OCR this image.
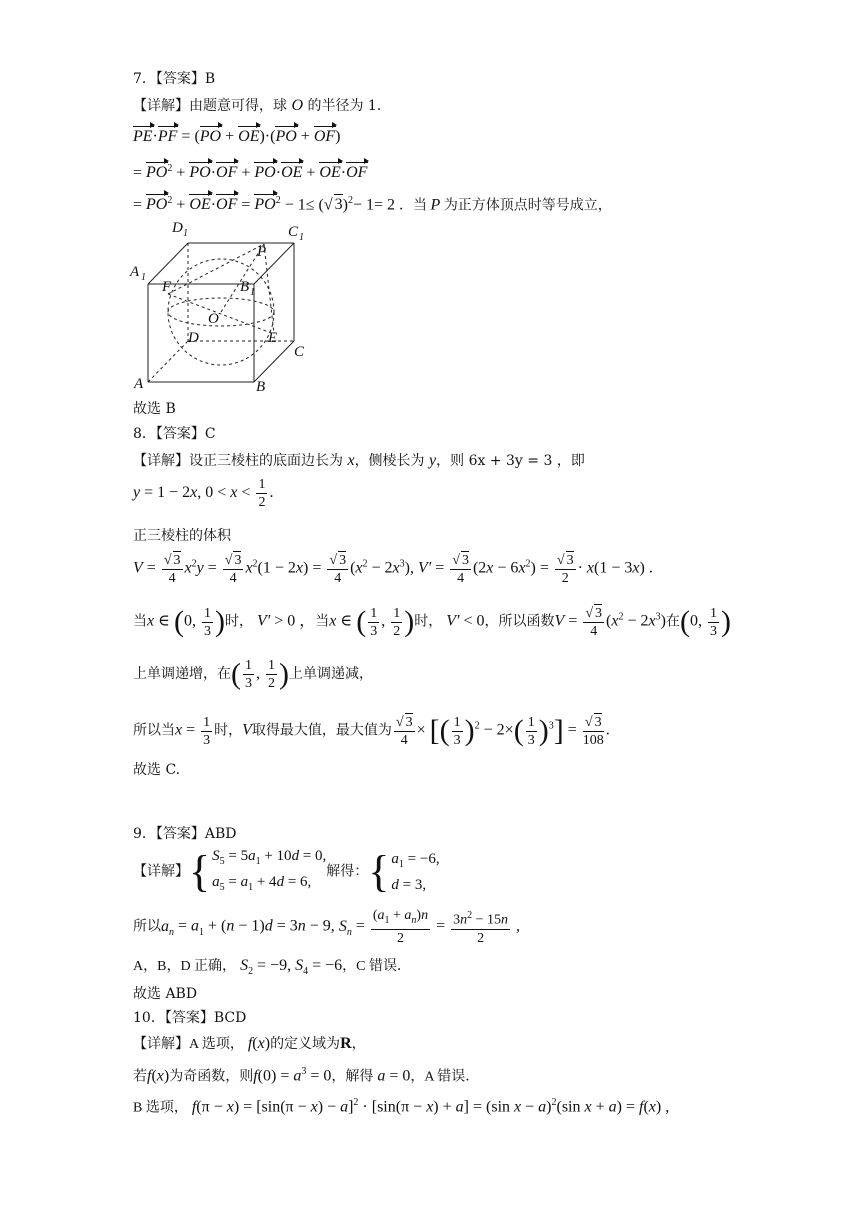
7．【答案】B
【详解】由题意可得，球 O 的半径为 1．
PE·PF = (PO + OE)·(PO + OF)
= $PO^2 + PO\cdot OF + PO\cdot OE + OE\cdot OF$
= $PO^2 + OE\cdot OF = PO^2 - 1\le$ (√ 3)$^2$− 1= 2 ．当 P 为正方体顶点时等号成立，
D 1	C 1
A 1
P
F	B 1
O
D	E
C
A	B
故选 B
8．【答案】C
【详解】设正三棱柱的底面边长为 x，侧棱长为 y，则 6x + 3y = 3 ，即
y = 1 − 2x, $0 < x < \frac{1}{2}$ .
正三棱柱的体积
$V = \frac{√ 3}{4} x^2y = \frac{√ 3}{4} x^2(1 - 2x) = \frac{√ 3}{4} (x^2 - 2x^3)$, $V' = \frac{√ 3}{4} (2x - 6x^2) = \frac{√ 3}{2} \cdot x(1 - 3x)$ .
当x ∈ (0, $\frac{1}{3}$ )时， V′ > 0 ，当x ∈ ( $\frac{1}{3}$ , $\frac{1}{2}$ )时， V′ < 0，所以函数$V = \frac{√ 3}{4} (x^2 - 2x^3)$在(0, $\frac{1}{3}$ )
上单调递增，在( $\frac{1}{3}$ , $\frac{1}{2}$ )上单调递减，
所以当$x = \frac{1}{3}$ 时，V取得最大值，最大值为 $\frac{√ 3}{4}$ × [( $\frac{1}{3} )^2 - 2\times( \frac{1}{3} )^3] = \frac{√ 3}{108}$ .
故选 C.
9．【答案】ABD
【详解】 { $S_5 = 5a_1 + 10d = 0$,
$a_5 = a_1 + 4d = 6$,
解得： { $a_1 = -6$,
d = 3,
所以$a_n = a_1 + (n - 1)d = 3n - 9$, $S_n = \frac{(a_1 + a_n)n}{2} = \frac{3n^2 - 15n}{2}$ ,
A，B，D 正确， $S_2 = -9$, $S_4 = -6$，C 错误．
故选 ABD
10．【答案】BCD
【详解】A 选项， f(x)的定义域为R，
若f(x)为奇函数，则$f(0) = a^3 = 0$，解得 a = 0，A 错误．
B 选项， $f(\pi - x) = [\sin(\pi - x) - a]^2 \cdot [\sin(\pi - x) + a] = (\sin$ x − a)$^2$(sin x + a) = f(x) ,
